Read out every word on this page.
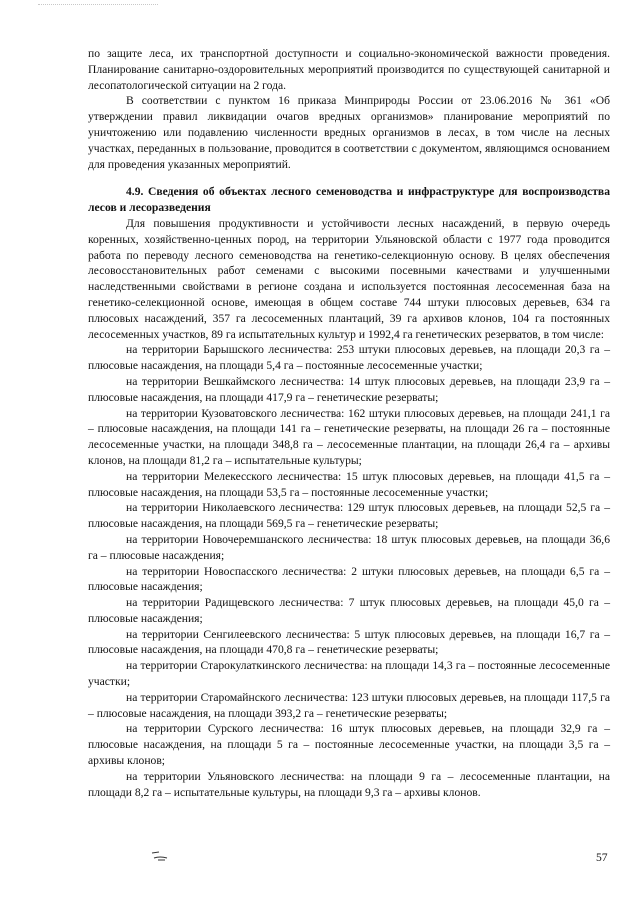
по защите леса, их транспортной доступности и социально-экономической важности проведения. Планирование санитарно-оздоровительных мероприятий производится по существующей санитарной и лесопатологической ситуации на 2 года.

В соответствии с пунктом 16 приказа Минприроды России от 23.06.2016 № 361 «Об утверждении правил ликвидации очагов вредных организмов» планирование мероприятий по уничтожению или подавлению численности вредных организмов в лесах, в том числе на лесных участках, переданных в пользование, проводится в соответствии с документом, являющимся основанием для проведения указанных мероприятий.

4.9. Сведения об объектах лесного семеноводства и инфраструктуре для воспроизводства лесов и лесоразведения

Для повышения продуктивности и устойчивости лесных насаждений, в первую очередь коренных, хозяйственно-ценных пород, на территории Ульяновской области с 1977 года проводится работа по переводу лесного семеноводства на генетико-селекционную основу. В целях обеспечения лесовосстановительных работ семенами с высокими посевными качествами и улучшенными наследственными свойствами в регионе создана и используется постоянная лесосеменная база на генетико-селекционной основе, имеющая в общем составе 744 штуки плюсовых деревьев, 634 га плюсовых насаждений, 357 га лесосеменных плантаций, 39 га архивов клонов, 104 га постоянных лесосеменных участков, 89 га испытательных культур и 1992,4 га генетических резерватов, в том числе:

на территории Барышского лесничества: 253 штуки плюсовых деревьев, на площади 20,3 га – плюсовые насаждения, на площади 5,4 га – постоянные лесосеменные участки;

на территории Вешкаймского лесничества: 14 штук плюсовых деревьев, на площади 23,9 га – плюсовые насаждения, на площади 417,9 га – генетические резерваты;

на территории Кузоватовского лесничества: 162 штуки плюсовых деревьев, на площади 241,1 га – плюсовые насаждения, на площади 141 га – генетические резерваты, на площади 26 га – постоянные лесосеменные участки, на площади 348,8 га – лесосеменные плантации, на площади 26,4 га – архивы клонов, на площади 81,2 га – испытательные культуры;

на территории Мелекесского лесничества: 15 штук плюсовых деревьев, на площади 41,5 га – плюсовые насаждения, на площади 53,5 га – постоянные лесосеменные участки;

на территории Николаевского лесничества: 129 штук плюсовых деревьев, на площади 52,5 га – плюсовые насаждения, на площади 569,5 га – генетические резерваты;

на территории Новочеремшанского лесничества: 18 штук плюсовых деревьев, на площади 36,6 га – плюсовые насаждения;

на территории Новоспасского лесничества: 2 штуки плюсовых деревьев, на площади 6,5 га – плюсовые насаждения;

на территории Радищевского лесничества: 7 штук плюсовых деревьев, на площади 45,0 га – плюсовые насаждения;

на территории Сенгилеевского лесничества: 5 штук плюсовых деревьев, на площади 16,7 га – плюсовые насаждения, на площади 470,8 га – генетические резерваты;

на территории Старокулаткинского лесничества: на площади 14,3 га – постоянные лесосеменные участки;

на территории Старомайнского лесничества: 123 штуки плюсовых деревьев, на площади 117,5 га – плюсовые насаждения, на площади 393,2 га – генетические резерваты;

на территории Сурского лесничества: 16 штук плюсовых деревьев, на площади 32,9 га – плюсовые насаждения, на площади 5 га – постоянные лесосеменные участки, на площади 3,5 га – архивы клонов;

на территории Ульяновского лесничества: на площади 9 га – лесосеменные плантации, на площади 8,2 га – испытательные культуры, на площади 9,3 га – архивы клонов.

57
